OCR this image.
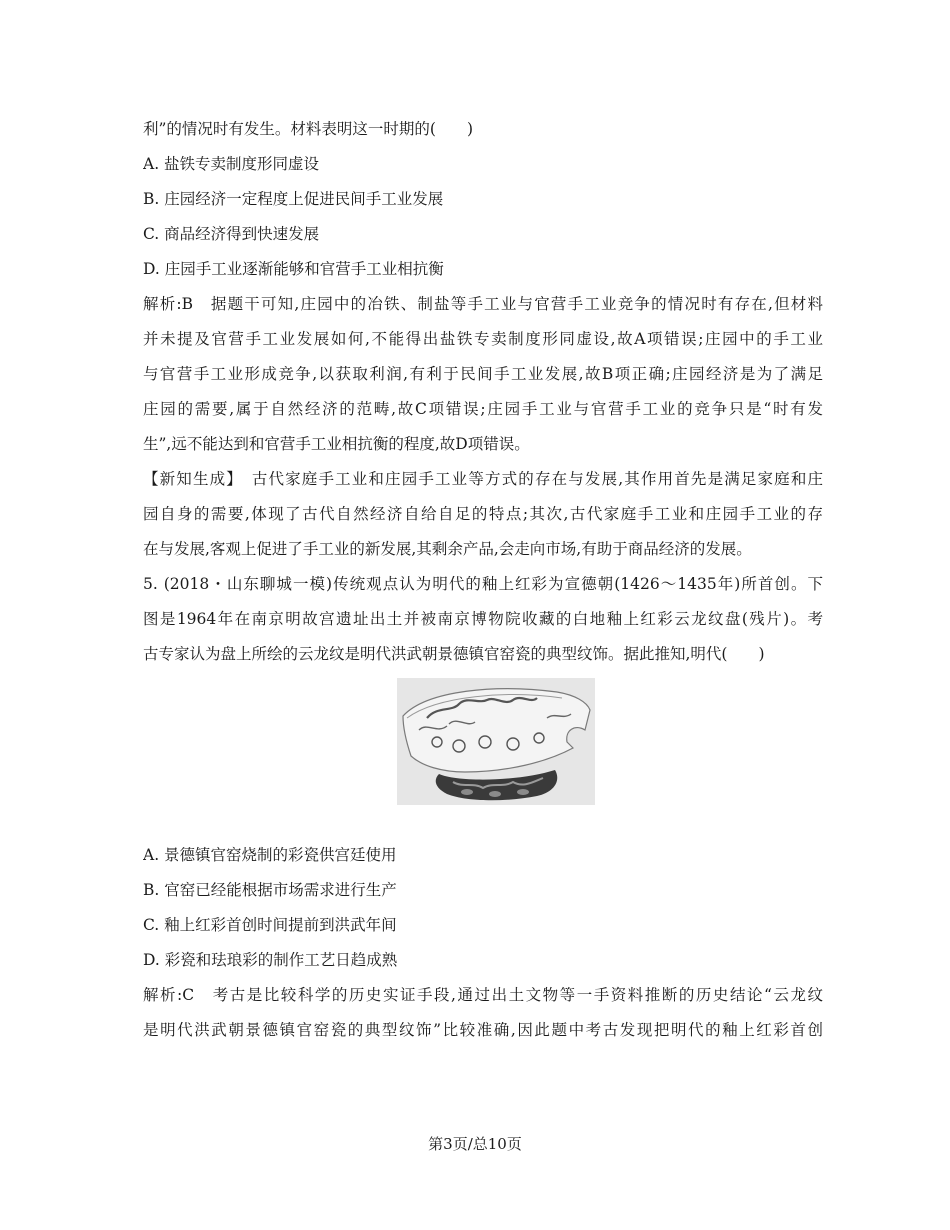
利”的情况时有发生。材料表明这一时期的(　　)
A. 盐铁专卖制度形同虚设
B. 庄园经济一定程度上促进民间手工业发展
C. 商品经济得到快速发展
D. 庄园手工业逐渐能够和官营手工业相抗衡
解析:B　据题干可知,庄园中的冶铁、制盐等手工业与官营手工业竞争的情况时有存在,但材料
并未提及官营手工业发展如何,不能得出盐铁专卖制度形同虚设,故A项错误;庄园中的手工业
与官营手工业形成竞争,以获取利润,有利于民间手工业发展,故B项正确;庄园经济是为了满足
庄园的需要,属于自然经济的范畴,故C项错误;庄园手工业与官营手工业的竞争只是“时有发
生”,远不能达到和官营手工业相抗衡的程度,故D项错误。
【新知生成】　古代家庭手工业和庄园手工业等方式的存在与发展,其作用首先是满足家庭和庄
园自身的需要,体现了古代自然经济自给自足的特点;其次,古代家庭手工业和庄园手工业的存
在与发展,客观上促进了手工业的新发展,其剩余产品,会走向市场,有助于商品经济的发展。
5. (2018・山东聊城一模)传统观点认为明代的釉上红彩为宣德朝(1426～1435年)所首创。下
图是1964年在南京明故宫遗址出土并被南京博物院收藏的白地釉上红彩云龙纹盘(残片)。考
古专家认为盘上所绘的云龙纹是明代洪武朝景德镇官窑瓷的典型纹饰。据此推知,明代(　　)
A. 景德镇官窑烧制的彩瓷供宫廷使用
B. 官窑已经能根据市场需求进行生产
C. 釉上红彩首创时间提前到洪武年间
D. 彩瓷和珐琅彩的制作工艺日趋成熟
解析:C　考古是比较科学的历史实证手段,通过出土文物等一手资料推断的历史结论“云龙纹
是明代洪武朝景德镇官窑瓷的典型纹饰”比较准确,因此题中考古发现把明代的釉上红彩首创
第3页/总10页
